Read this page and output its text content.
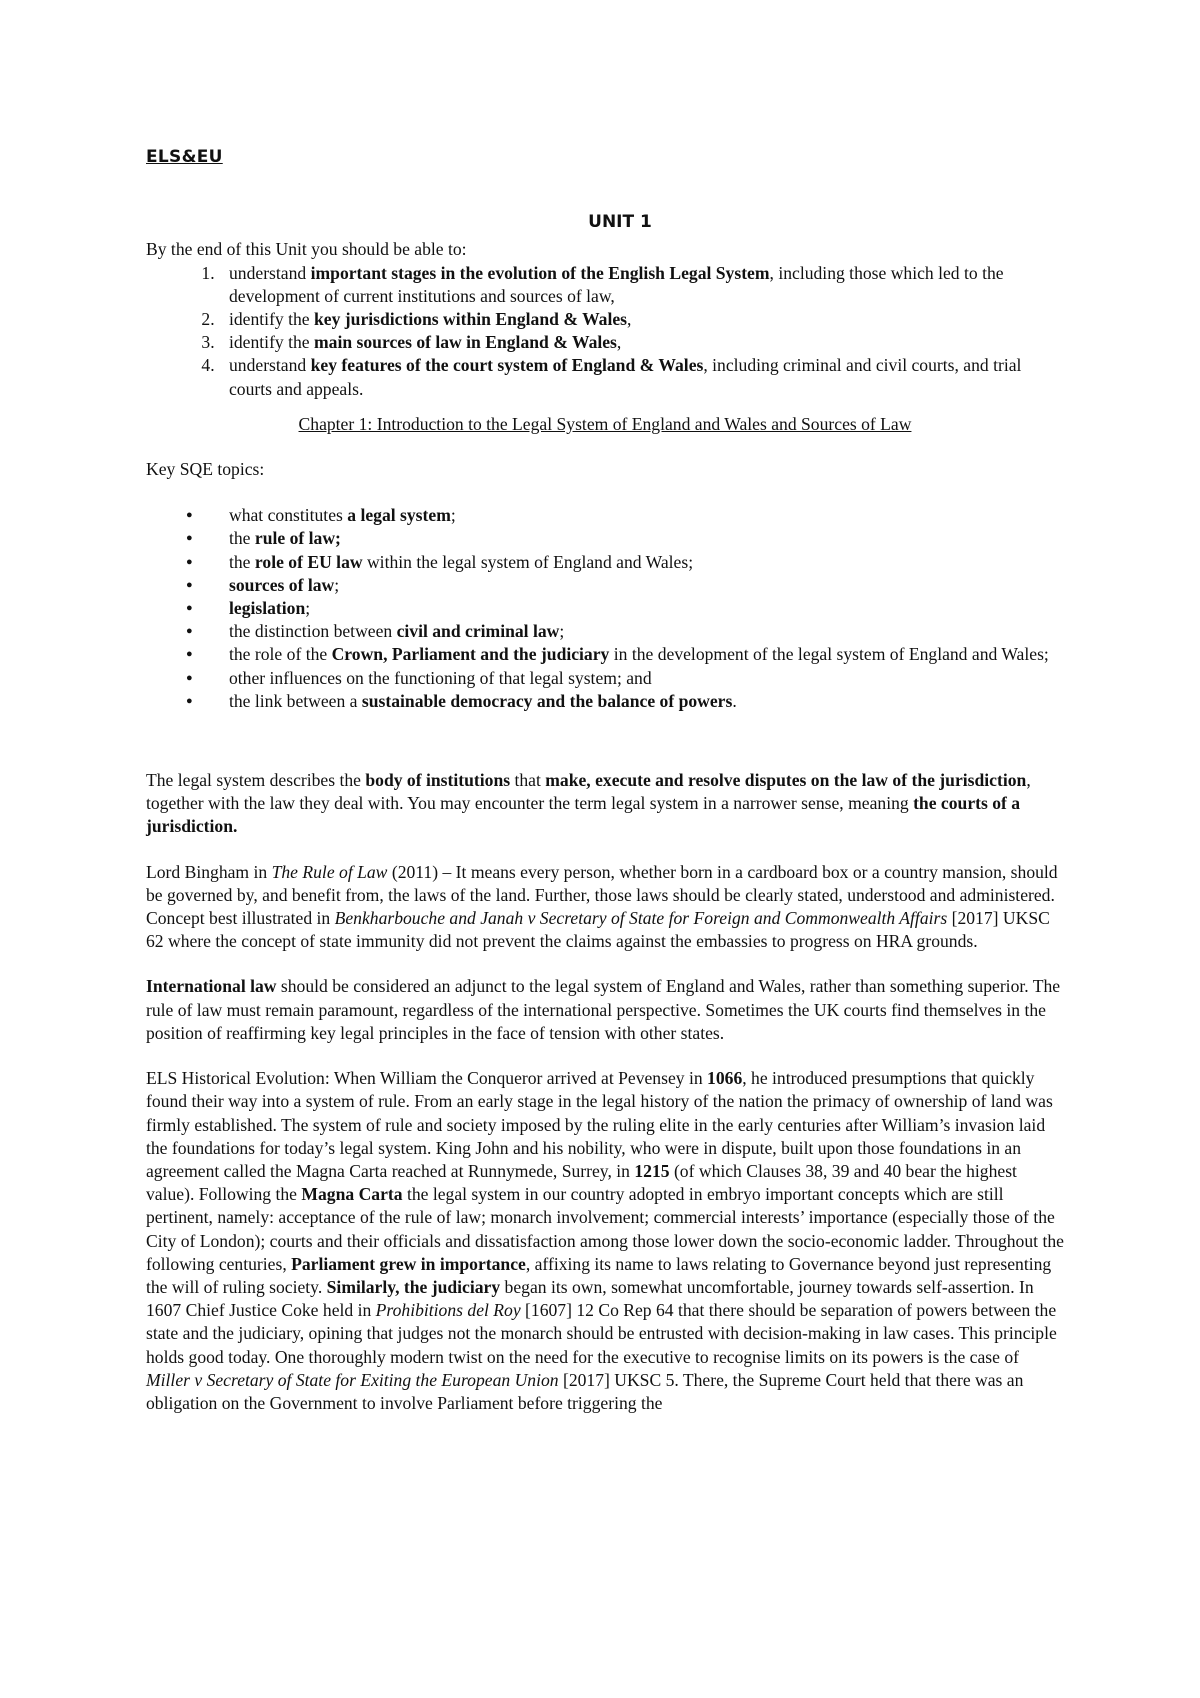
ELS&EU
UNIT 1

By the end of this Unit you should be able to:

1. understand important stages in the evolution of the English Legal System, including those which led to the development of current institutions and sources of law,
2. identify the key jurisdictions within England & Wales,
3. identify the main sources of law in England & Wales,
4. understand key features of the court system of England & Wales, including criminal and civil courts, and trial courts and appeals.
Chapter 1: Introduction to the Legal System of England and Wales and Sources of Law

Key SQE topics:

● what constitutes a legal system;
● the rule of law;
● the role of EU law within the legal system of England and Wales;
● sources of law;
● legislation;
● the distinction between civil and criminal law;
● the role of the Crown, Parliament and the judiciary in the development of the legal system of England and Wales;
● other influences on the functioning of that legal system; and
● the link between a sustainable democracy and the balance of powers.

The legal system describes the body of institutions that make, execute and resolve disputes on the law of the jurisdiction, together with the law they deal with. You may encounter the term legal system in a narrower sense, meaning the courts of a jurisdiction.

Lord Bingham in The Rule of Law (2011) – It means every person, whether born in a cardboard box or a country mansion, should be governed by, and benefit from, the laws of the land. Further, those laws should be clearly stated, understood and administered. Concept best illustrated in Benkharbouche and Janah v Secretary of State for Foreign and Commonwealth Affairs [2017] UKSC 62 where the concept of state immunity did not prevent the claims against the embassies to progress on HRA grounds.

International law should be considered an adjunct to the legal system of England and Wales, rather than something superior. The rule of law must remain paramount, regardless of the international perspective. Sometimes the UK courts find themselves in the position of reaffirming key legal principles in the face of tension with other states.

ELS Historical Evolution: When William the Conqueror arrived at Pevensey in 1066, he introduced presumptions that quickly found their way into a system of rule. From an early stage in the legal history of the nation the primacy of ownership of land was firmly established. The system of rule and society imposed by the ruling elite in the early centuries after William’s invasion laid the foundations for today’s legal system. King John and his nobility, who were in dispute, built upon those foundations in an agreement called the Magna Carta reached at Runnymede, Surrey, in 1215 (of which Clauses 38, 39 and 40 bear the highest value). Following the Magna Carta the legal system in our country adopted in embryo important concepts which are still pertinent, namely: acceptance of the rule of law; monarch involvement; commercial interests’ importance (especially those of the City of London); courts and their officials and dissatisfaction among those lower down the socio-economic ladder. Throughout the following centuries, Parliament grew in importance, affixing its name to laws relating to Governance beyond just representing the will of ruling society. Similarly, the judiciary began its own, somewhat uncomfortable, journey towards self-assertion. In 1607 Chief Justice Coke held in Prohibitions del Roy [1607] 12 Co Rep 64 that there should be separation of powers between the state and the judiciary, opining that judges not the monarch should be entrusted with decision-making in law cases. This principle holds good today. One thoroughly modern twist on the need for the executive to recognise limits on its powers is the case of Miller v Secretary of State for Exiting the European Union [2017] UKSC 5. There, the Supreme Court held that there was an obligation on the Government to involve Parliament before triggering the
